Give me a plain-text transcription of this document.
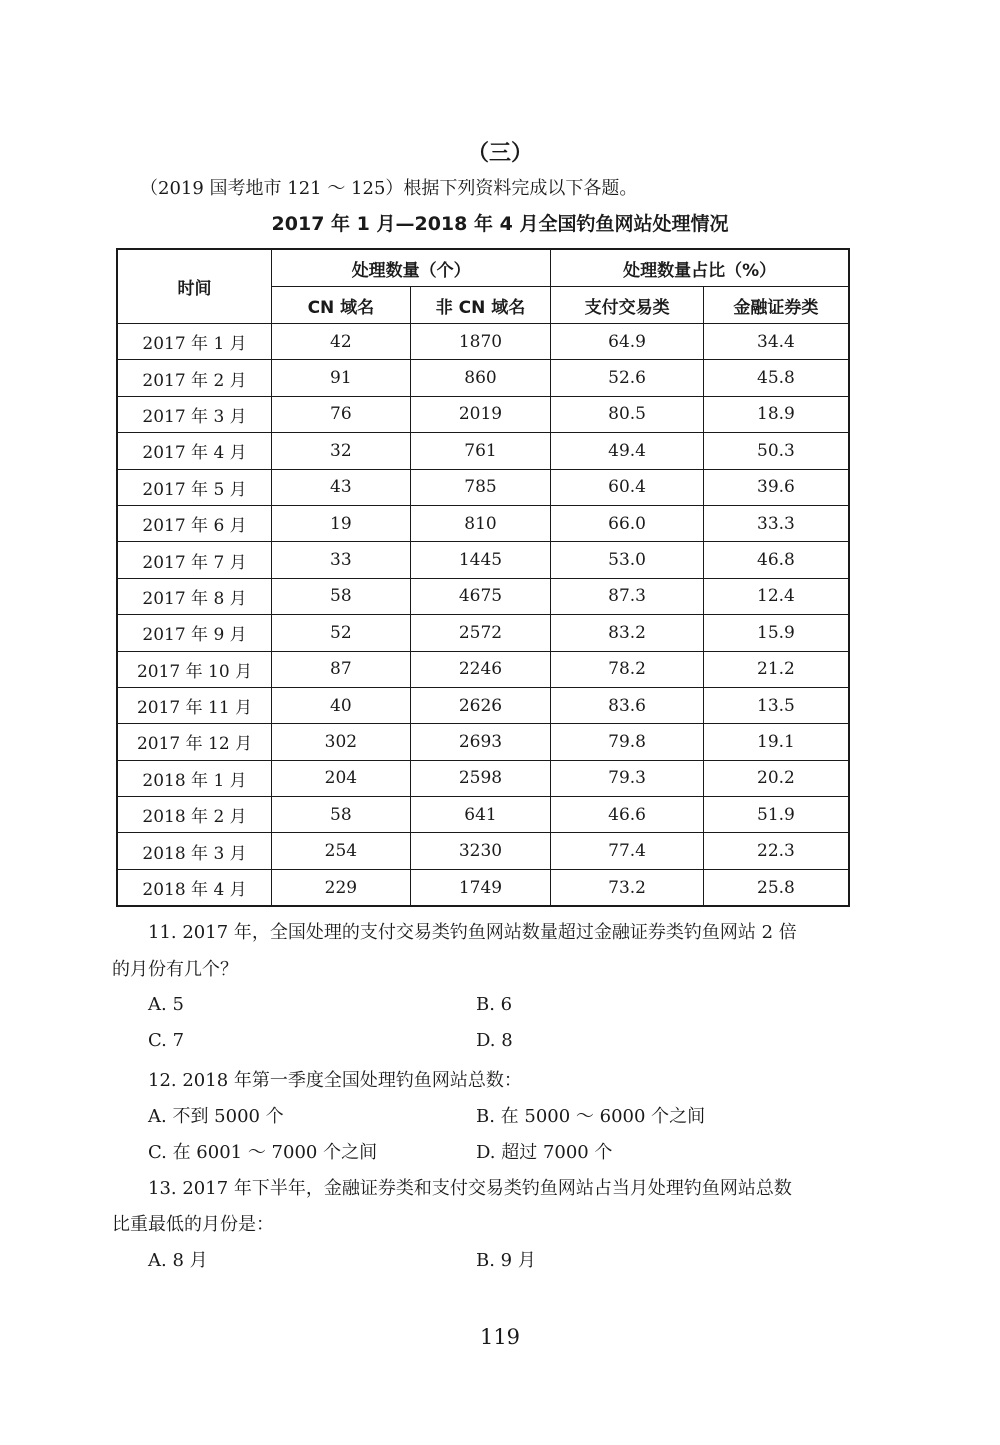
（三）
（2019 国考地市 121 ～ 125）根据下列资料完成以下各题。
2017 年 1 月—2018 年 4 月全国钓鱼网站处理情况
时间	处理数量（个）		处理数量占比（%）	
	CN 域名	非 CN 域名	支付交易类	金融证券类
2017 年 1 月	42	1870	64.9	34.4
2017 年 2 月	91	860	52.6	45.8
2017 年 3 月	76	2019	80.5	18.9
2017 年 4 月	32	761	49.4	50.3
2017 年 5 月	43	785	60.4	39.6
2017 年 6 月	19	810	66.0	33.3
2017 年 7 月	33	1445	53.0	46.8
2017 年 8 月	58	4675	87.3	12.4
2017 年 9 月	52	2572	83.2	15.9
2017 年 10 月	87	2246	78.2	21.2
2017 年 11 月	40	2626	83.6	13.5
2017 年 12 月	302	2693	79.8	19.1
2018 年 1 月	204	2598	79.3	20.2
2018 年 2 月	58	641	46.6	51.9
2018 年 3 月	254	3230	77.4	22.3
2018 年 4 月	229	1749	73.2	25.8
11. 2017 年，全国处理的支付交易类钓鱼网站数量超过金融证券类钓鱼网站 2 倍
的月份有几个？
A. 5	B. 6
C. 7	D. 8
12. 2018 年第一季度全国处理钓鱼网站总数：
A. 不到 5000 个	B. 在 5000 ～ 6000 个之间
C. 在 6001 ～ 7000 个之间	D. 超过 7000 个
13. 2017 年下半年，金融证券类和支付交易类钓鱼网站占当月处理钓鱼网站总数
比重最低的月份是：
A. 8 月	B. 9 月
119
